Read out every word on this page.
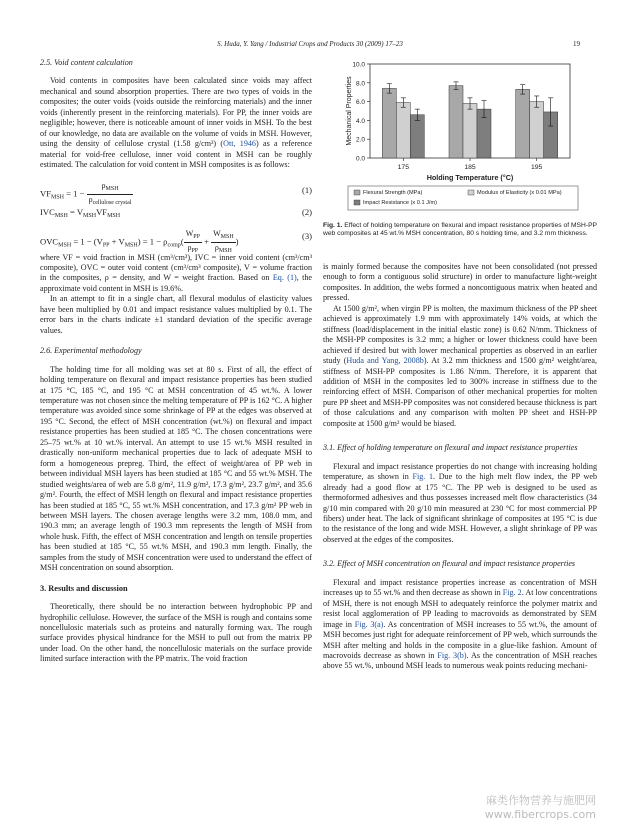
S. Huda, Y. Yang / Industrial Crops and Products 30 (2009) 17–23	19
2.5. Void content calculation

Void contents in composites have been calculated since voids may affect mechanical and sound absorption properties. There are two types of voids in the composites; the outer voids (voids outside the reinforcing materials) and the inner voids (inherently present in the reinforcing materials). For PP, the inner voids are negligible; however, there is noticeable amount of inner voids in MSH. To the best of our knowledge, no data are available on the volume of voids in MSH. However, using the density of cellulose crystal (1.58 g/cm³) (Ott, 1946) as a reference material for void-free cellulose, inner void content in MSH can be roughly estimated. The calculation for void content in MSH composites is as follows:

$VF_{MSH} = 1 - \frac{\rho_{MSH}}{\rho_{cellulose crystal}}$	(1)
$IVC_{MSH} = V_{MSH}VF_{MSH}$	(2)
$OVC_{MSH} = 1 - (V_{PP} + V_{MSH}) = 1 - \rho_{comp}( \frac{W_{PP}}{\rho_{PP}} + \frac{W_{MSH}}{\rho_{MSH}}$ )
(3)

where VF = void fraction in MSH (cm³/cm³), IVC = inner void content (cm³/cm³ composite), OVC = outer void content (cm³/cm³ composite), V = volume fraction in the composites, ρ = density, and W = weight fraction. Based on Eq. (1), the approximate void content in MSH is 19.6%.

In an attempt to fit in a single chart, all flexural modulus of elasticity values have been multiplied by 0.01 and impact resistance values multiplied by 0.1. The error bars in the charts indicate ±1 standard deviation of the specific average values.

2.6. Experimental methodology

The holding time for all molding was set at 80 s. First of all, the effect of holding temperature on flexural and impact resistance properties has been studied at 175 °C, 185 °C, and 195 °C at MSH concentration of 45 wt.%. A lower temperature was not chosen since the melting temperature of PP is 162 °C. A higher temperature was avoided since some shrinkage of PP at the edges was observed at 195 °C. Second, the effect of MSH concentration (wt.%) on flexural and impact resistance properties has been studied at 185 °C. The chosen concentrations were 25–75 wt.% at 10 wt.% interval. An attempt to use 15 wt.% MSH resulted in drastically non-uniform mechanical properties due to lack of adequate MSH to form a homogeneous prepreg. Third, the effect of weight/area of PP web in between individual MSH layers has been studied at 185 °C and 55 wt.% MSH. The studied weights/area of web are 5.8 g/m², 11.9 g/m², 17.3 g/m², 23.7 g/m², and 35.6 g/m². Fourth, the effect of MSH length on flexural and impact resistance properties has been studied at 185 °C, 55 wt.% MSH concentration, and 17.3 g/m² PP web in between MSH layers. The chosen average lengths were 3.2 mm, 108.0 mm, and 190.3 mm; an average length of 190.3 mm represents the length of MSH from whole husk. Fifth, the effect of MSH concentration and length on tensile properties has been studied at 185 °C, 55 wt.% MSH, and 190.3 mm length. Finally, the samples from the study of MSH concentration were used to understand the effect of MSH concentration on sound absorption.

3. Results and discussion

Theoretically, there should be no interaction between hydrophobic PP and hydrophilic cellulose. However, the surface of the MSH is rough and contains some noncellulosic materials such as proteins and naturally forming wax. The rough surface provides physical hindrance for the MSH to pull out from the matrix PP under load. On the other hand, the noncellulosic materials on the surface provide limited surface interaction with the PP matrix. The void fraction

0.0
2.0
4.0
6.0
8.0
10.0
Mechanical Properties
175	185	195
Holding Temperature (°C)
Flexural Strength (MPa)	Modulus of Elasticity (x 0.01 MPa)
Impact Resistance (x 0.1 J/m)
Fig. 1. Effect of holding temperature on flexural and impact resistance properties of MSH-PP web composites at 45 wt.% MSH concentration, 80 s holding time, and 3.2 mm thickness.

is mainly formed because the composites have not been consolidated (not pressed enough to form a contiguous solid structure) in order to manufacture light-weight composites. In addition, the webs formed a noncontiguous matrix when heated and pressed.

At 1500 g/m², when virgin PP is molten, the maximum thickness of the PP sheet achieved is approximately 1.9 mm with approximately 14% voids, at which the stiffness (load/displacement in the initial elastic zone) is 0.62 N/mm. Thickness of the MSH-PP composites is 3.2 mm; a higher or lower thickness could have been achieved if desired but with lower mechanical properties as observed in an earlier study (Huda and Yang, 2008b). At 3.2 mm thickness and 1500 g/m² weight/area, stiffness of MSH-PP composites is 1.86 N/mm. Therefore, it is apparent that addition of MSH in the composites led to 300% increase in stiffness due to the reinforcing effect of MSH. Comparison of other mechanical properties for molten pure PP sheet and MSH-PP composites was not considered because thickness is part of those calculations and any comparison with molten PP sheet and HSH-PP composite at 1500 g/m² would be biased.

3.1. Effect of holding temperature on flexural and impact resistance properties

Flexural and impact resistance properties do not change with increasing holding temperature, as shown in Fig. 1. Due to the high melt flow index, the PP web already had a good flow at 175 °C. The PP web is designed to be used as thermoformed adhesives and thus possesses increased melt flow characteristics (34 g/10 min compared with 20 g/10 min measured at 230 °C for most commercial PP fibers) under heat. The lack of significant shrinkage of composites at 195 °C is due to the resistance of the long and wide MSH. However, a slight shrinkage of PP was observed at the edges of the composites.

3.2. Effect of MSH concentration on flexural and impact resistance properties

Flexural and impact resistance properties increase as concentration of MSH increases up to 55 wt.% and then decrease as shown in Fig. 2. At low concentrations of MSH, there is not enough MSH to adequately reinforce the polymer matrix and resist local agglomeration of PP leading to macrovoids as demonstrated by SEM image in Fig. 3(a). As concentration of MSH increases to 55 wt.%, the amount of MSH becomes just right for adequate reinforcement of PP web, which surrounds the MSH after melting and holds in the composite in a glue-like fashion. Amount of macrovoids decrease as shown in Fig. 3(b). As the concentration of MSH reaches above 55 wt.%, unbound MSH leads to numerous weak points reducing mechani-

麻类作物营养与施肥网
www.fibercrops.com
